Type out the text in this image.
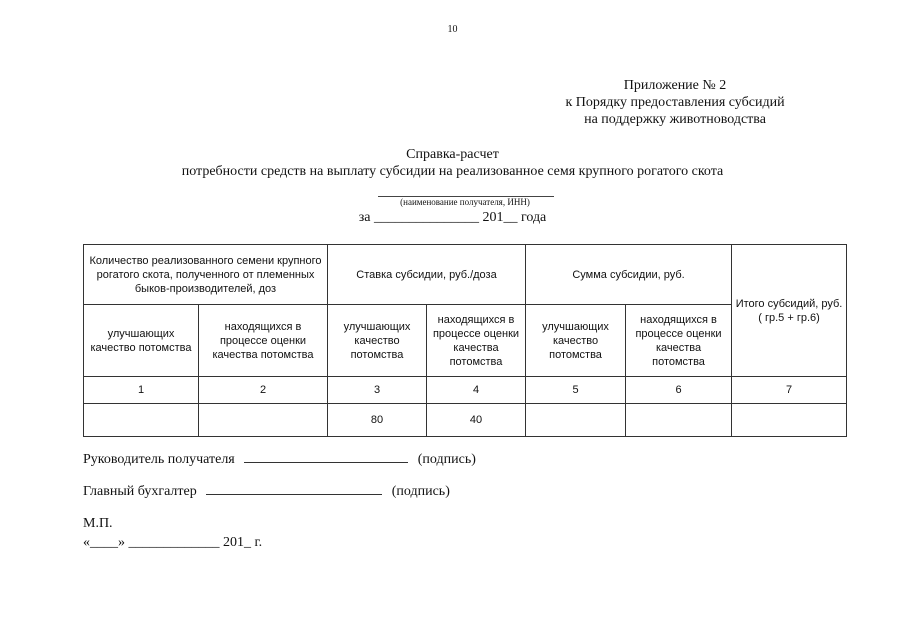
10
Приложение № 2
к Порядку предоставления субсидий
на поддержку животноводства
Справка-расчет
потребности средств на выплату субсидии на реализованное семя крупного рогатого скота
(наименование получателя, ИНН)
за _______________ 201__ года
Количество реализованного семени крупного рогатого скота, полученного от племенных быков-производителей, доз		Ставка субсидии, руб./доза		Сумма субсидии, руб.		Итого субсидий, руб.
( гр.5 + гр.6)

улучшающих качество потомства	находящихся в процессе оценки качества потомства	улучшающих качество потомства	находящихся в процессе оценки качества потомства	улучшающих качество потомства	находящихся в процессе оценки качества потомства	
1	2	3	4	5	6	7
		80	40			
Руководитель получателя	(подпись)
Главный бухгалтер	(подпись)
М.П.
«____» _____________ 201_ г.
